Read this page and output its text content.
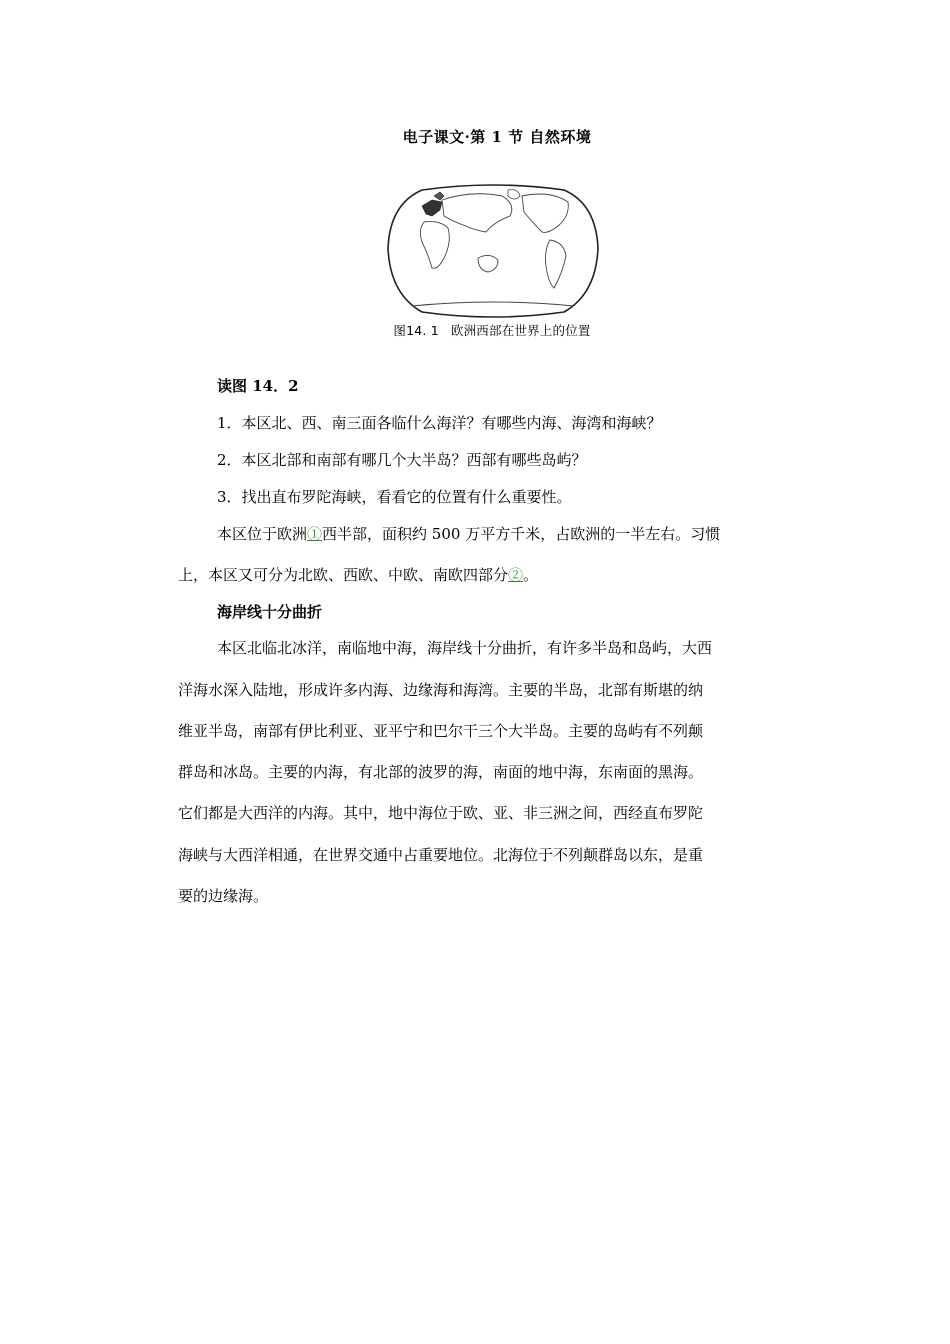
电子课文·第 1 节 自然环境
图14. 1 欧洲西部在世界上的位置
读图 14．2
1．本区北、西、南三面各临什么海洋？有哪些内海、海湾和海峡？
2．本区北部和南部有哪几个大半岛？西部有哪些岛屿？
3．找出直布罗陀海峡，看看它的位置有什么重要性。
本区位于欧洲①西半部，面积约 500 万平方千米，占欧洲的一半左右。习惯
上，本区又可分为北欧、西欧、中欧、南欧四部分②。
海岸线十分曲折
本区北临北冰洋，南临地中海，海岸线十分曲折，有许多半岛和岛屿，大西
洋海水深入陆地，形成许多内海、边缘海和海湾。主要的半岛，北部有斯堪的纳
维亚半岛，南部有伊比利亚、亚平宁和巴尔干三个大半岛。主要的岛屿有不列颠
群岛和冰岛。主要的内海，有北部的波罗的海，南面的地中海，东南面的黑海。
它们都是大西洋的内海。其中，地中海位于欧、亚、非三洲之间，西经直布罗陀
海峡与大西洋相通，在世界交通中占重要地位。北海位于不列颠群岛以东，是重
要的边缘海。
